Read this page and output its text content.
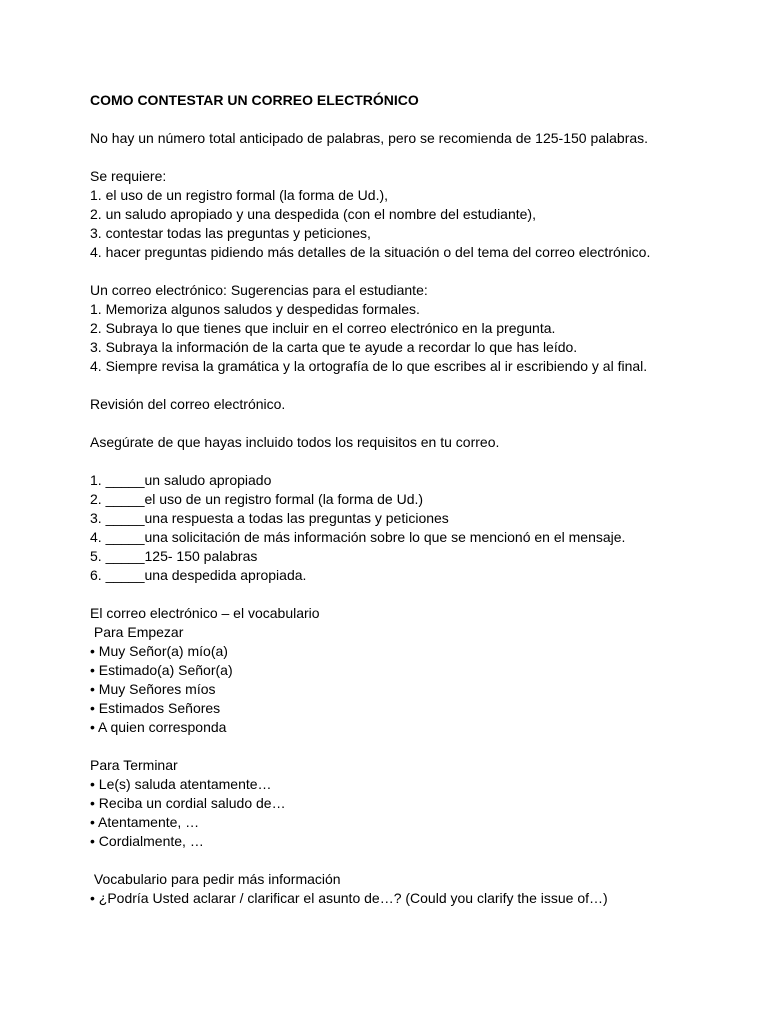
COMO CONTESTAR UN CORREO ELECTRÓNICO
No hay un número total anticipado de palabras, pero se recomienda de 125-150 palabras.
Se requiere:
1. el uso de un registro formal (la forma de Ud.),
2. un saludo apropiado y una despedida (con el nombre del estudiante),
3. contestar todas las preguntas y peticiones,
4. hacer preguntas pidiendo más detalles de la situación o del tema del correo electrónico.
Un correo electrónico: Sugerencias para el estudiante:
1. Memoriza algunos saludos y despedidas formales.
2. Subraya lo que tienes que incluir en el correo electrónico en la pregunta.
3. Subraya la información de la carta que te ayude a recordar lo que has leído.
4. Siempre revisa la gramática y la ortografía de lo que escribes al ir escribiendo y al final.
Revisión del correo electrónico.
Asegúrate de que hayas incluido todos los requisitos en tu correo.
1. _____un saludo apropiado
2. _____el uso de un registro formal (la forma de Ud.)
3. _____una respuesta a todas las preguntas y peticiones
4. _____una solicitación de más información sobre lo que se mencionó en el mensaje.
5. _____125- 150 palabras
6. _____una despedida apropiada.
El correo electrónico – el vocabulario
Para Empezar
• Muy Señor(a) mío(a)
• Estimado(a) Señor(a)
• Muy Señores míos
• Estimados Señores
• A quien corresponda
Para Terminar
• Le(s) saluda atentamente…
• Reciba un cordial saludo de…
• Atentamente, …
• Cordialmente, …
Vocabulario para pedir más información
• ¿Podría Usted aclarar / clarificar el asunto de…? (Could you clarify the issue of…)
